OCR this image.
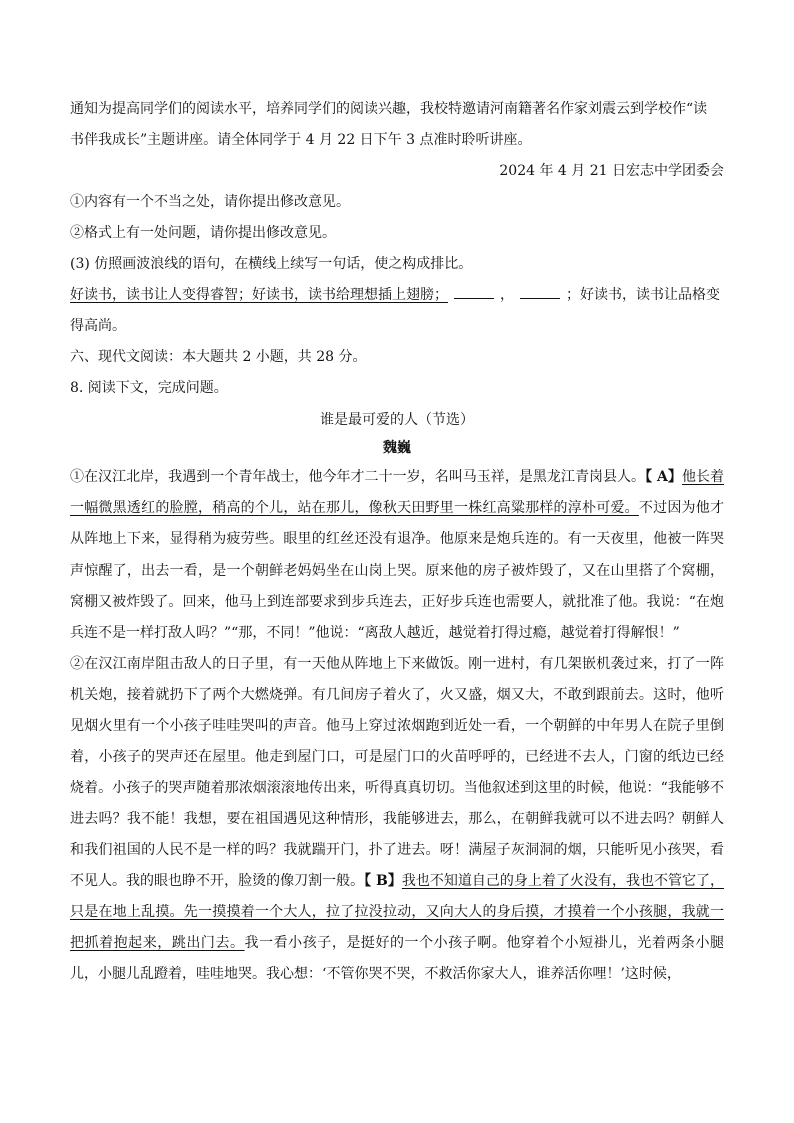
通知为提高同学们的阅读水平，培养同学们的阅读兴趣，我校特邀请河南籍著名作家刘震云到学校作“读

书伴我成长”主题讲座。请全体同学于 4 月 22 日下午 3 点准时聆听讲座。

2024 年 4 月 21 日宏志中学团委会

①内容有一个不当之处，请你提出修改意见。

②格式上有一处问题，请你提出修改意见。

(3) 仿照画波浪线的语句，在横线上续写一句话，使之构成排比。

好读书，读书让人变得睿智；好读书，读书给理想插上翅膀；	，	；好读书，读书让品格变

得高尚。

六、现代文阅读：本大题共 2 小题，共 28 分。

8. 阅读下文，完成问题。

谁是最可爱的人（节选）

魏巍

①在汉江北岸，我遇到一个青年战士，他今年才二十一岁，名叫马玉祥，是黑龙江青岗县人。【 A】他长着一幅微黑透红的脸膛，稍高的个儿，站在那儿，像秋天田野里一株红高粱那样的淳朴可爱。不过因为他才从阵地上下来，显得稍为疲劳些。眼里的红丝还没有退净。他原来是炮兵连的。有一天夜里，他被一阵哭声惊醒了，出去一看，是一个朝鲜老妈妈坐在山岗上哭。原来他的房子被炸毁了，又在山里搭了个窝棚，窝棚又被炸毁了。回来，他马上到连部要求到步兵连去，正好步兵连也需要人，就批准了他。我说：“在炮兵连不是一样打敌人吗？”“那，不同！”他说：“离敌人越近，越觉着打得过瘾，越觉着打得解恨！”

②在汉江南岸阻击敌人的日子里，有一天他从阵地上下来做饭。刚一进村，有几架嵌机袭过来，打了一阵机关炮，接着就扔下了两个大燃烧弹。有几间房子着火了，火又盛，烟又大，不敢到跟前去。这时，他听见烟火里有一个小孩子哇哇哭叫的声音。他马上穿过浓烟跑到近处一看，一个朝鲜的中年男人在院子里倒着，小孩子的哭声还在屋里。他走到屋门口，可是屋门口的火苗呼呼的，已经进不去人，门窗的纸边已经烧着。小孩子的哭声随着那浓烟滚滚地传出来，听得真真切切。当他叙述到这里的时候，他说：“我能够不进去吗？我不能！我想，要在祖国遇见这种情形，我能够进去，那么，在朝鲜我就可以不进去吗？朝鲜人和我们祖国的人民不是一样的吗？我就踹开门，扑了进去。呀！满屋子灰洞洞的烟，只能听见小孩哭，看不见人。我的眼也睁不开，脸烫的像刀割一般。【 B】我也不知道自己的身上着了火没有，我也不管它了，只是在地上乱摸。先一摸摸着一个大人，拉了拉没拉动，又向大人的身后摸，才摸着一个小孩腿，我就一把抓着抱起来，跳出门去。我一看小孩子，是挺好的一个小孩子啊。他穿着个小短褂儿，光着两条小腿儿，小腿儿乱蹬着，哇哇地哭。我心想：‘不管你哭不哭，不救活你家大人，谁养活你哩！’这时候，
